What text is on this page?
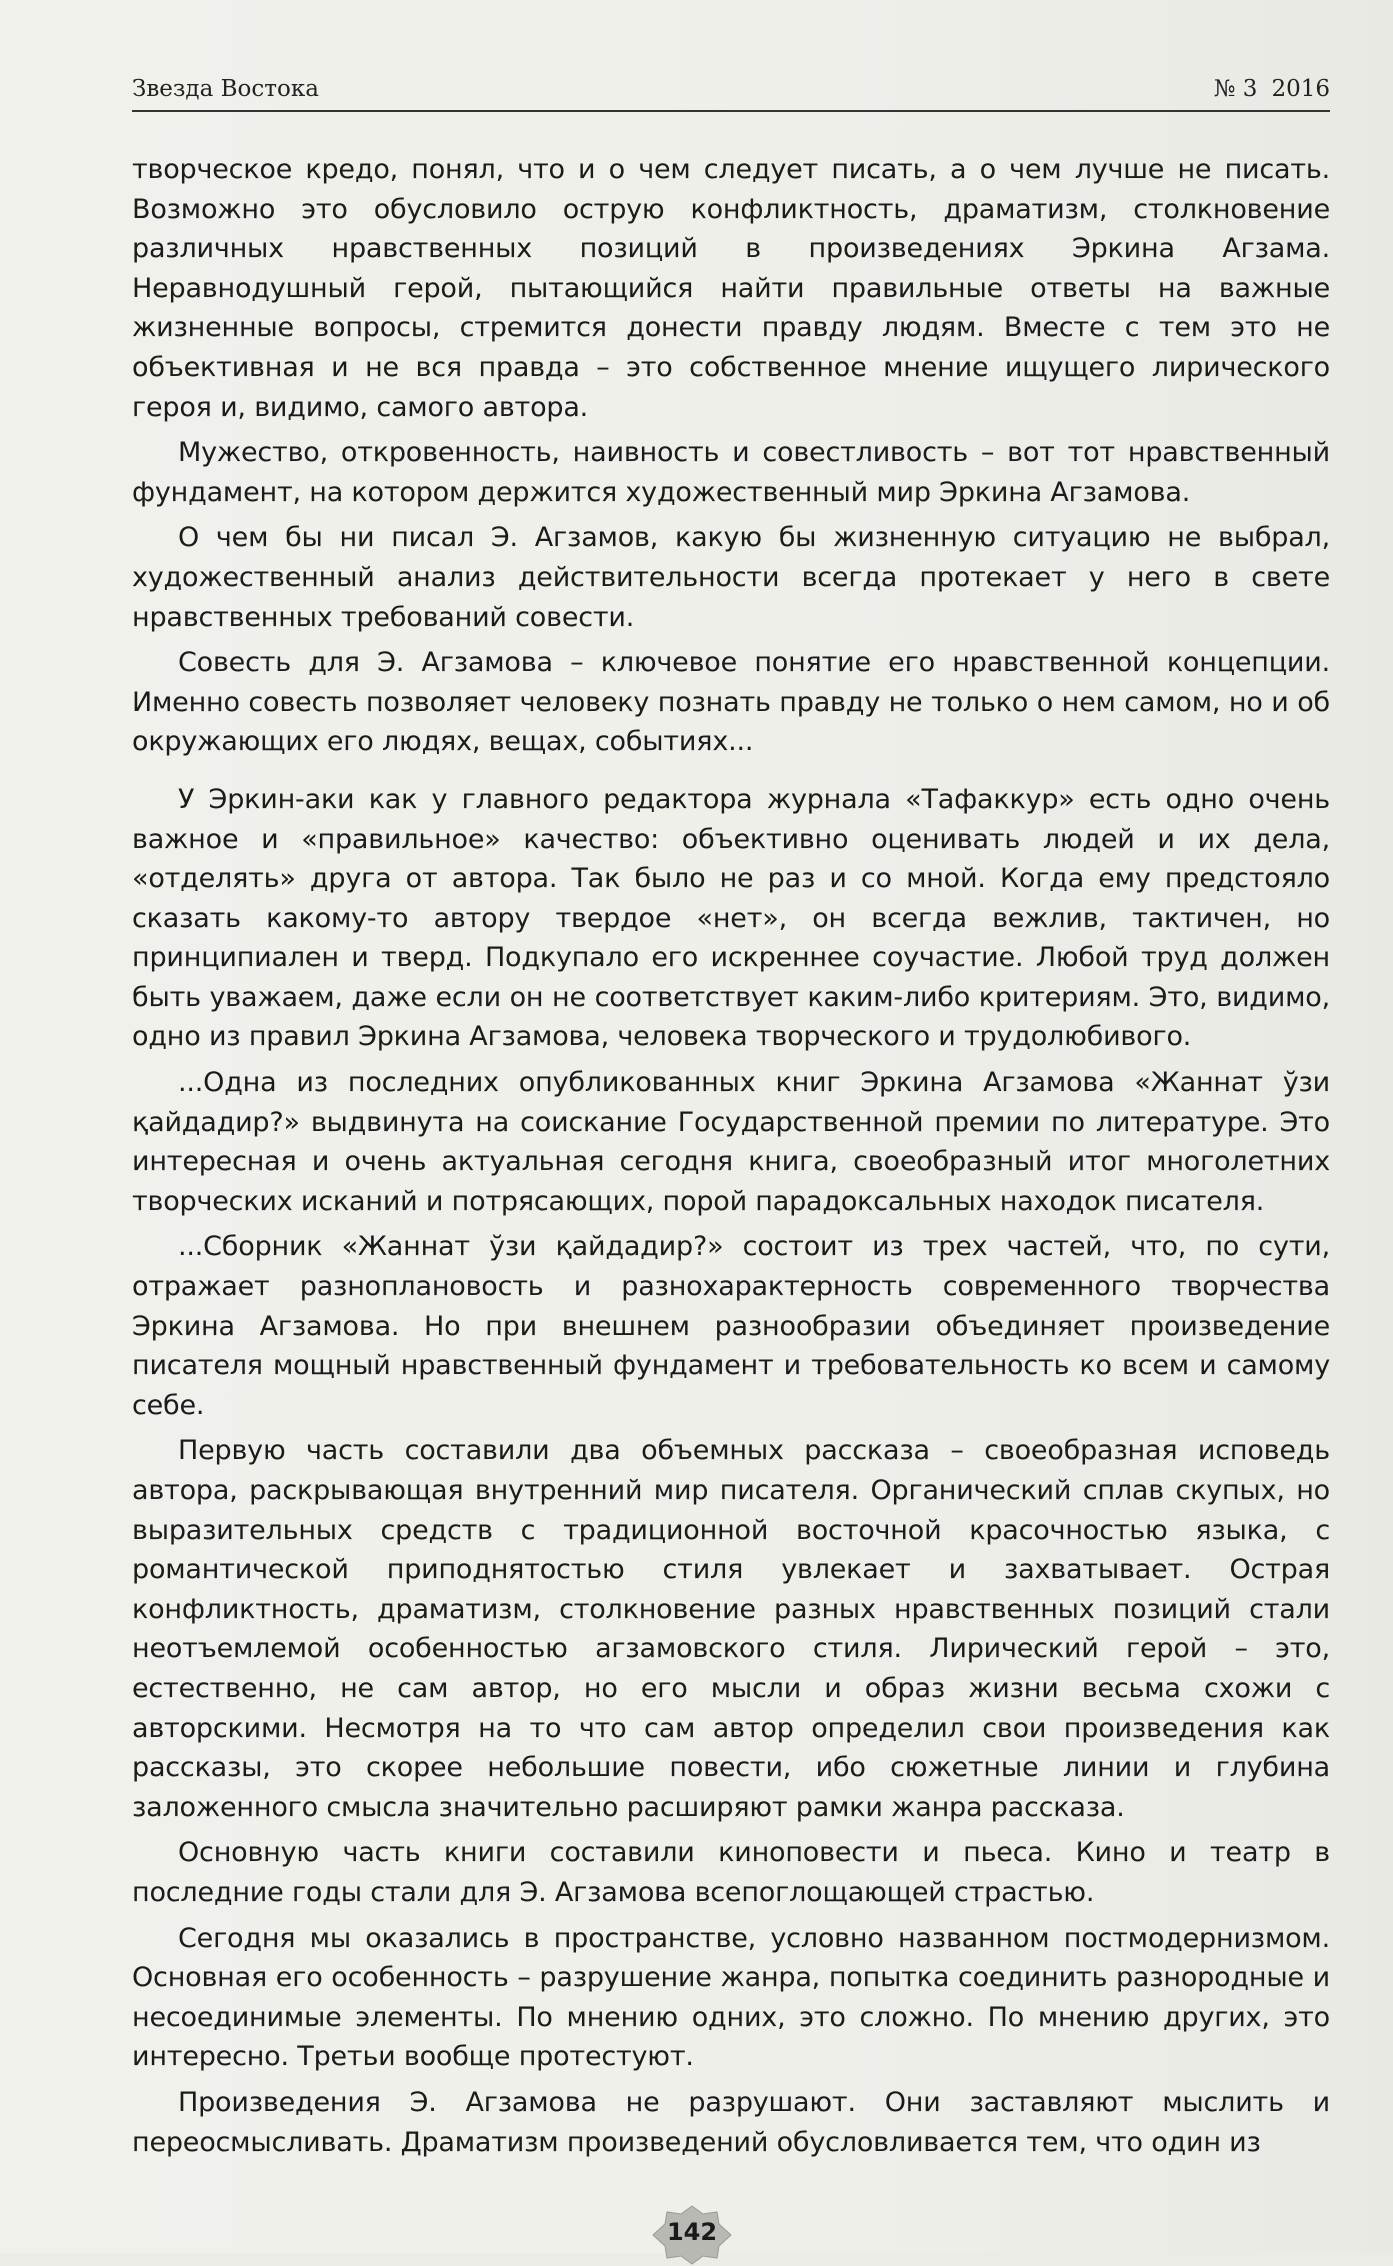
Звезда Востока	№ 3 2016

творческое кредо, понял, что и о чем следует писать, а о чем лучше не писать. Возможно это обусловило острую конфликтность, драматизм, столкновение различных нравственных позиций в произведениях Эркина Агзама. Неравнодушный герой, пытающийся найти правильные ответы на важные жизненные вопросы, стремится донести правду людям. Вместе с тем это не объективная и не вся правда – это собственное мнение ищущего лирического героя и, видимо, самого автора.

Мужество, откровенность, наивность и совестливость – вот тот нравственный фундамент, на котором держится художественный мир Эркина Агзамова.

О чем бы ни писал Э. Агзамов, какую бы жизненную ситуацию не выбрал, художественный анализ действительности всегда протекает у него в свете нравственных требований совести.

Совесть для Э. Агзамова – ключевое понятие его нравственной концепции. Именно совесть позволяет человеку познать правду не только о нем самом, но и об окружающих его людях, вещах, событиях...

У Эркин-аки как у главного редактора журнала «Тафаккур» есть одно очень важное и «правильное» качество: объективно оценивать людей и их дела, «отделять» друга от автора. Так было не раз и со мной. Когда ему предстояло сказать какому-то автору твердое «нет», он всегда вежлив, тактичен, но принципиален и тверд. Подкупало его искреннее соучастие. Любой труд должен быть уважаем, даже если он не соответствует каким-либо критериям. Это, видимо, одно из правил Эркина Агзамова, человека творческого и трудолюбивого.

...Одна из последних опубликованных книг Эркина Агзамова «Жаннат ўзи қайдадир?» выдвинута на соискание Государственной премии по литературе. Это интересная и очень актуальная сегодня книга, своеобразный итог многолетних творческих исканий и потрясающих, порой парадоксальных находок писателя.

...Сборник «Жаннат ўзи қайдадир?» состоит из трех частей, что, по сути, отражает разноплановость и разнохарактерность современного творчества Эркина Агзамова. Но при внешнем разнообразии объединяет произведение писателя мощный нравственный фундамент и требовательность ко всем и самому себе.

Первую часть составили два объемных рассказа – своеобразная исповедь автора, раскрывающая внутренний мир писателя. Органический сплав скупых, но выразительных средств с традиционной восточной красочностью языка, с романтической приподнятостью стиля увлекает и захватывает. Острая конфликтность, драматизм, столкновение разных нравственных позиций стали неотъемлемой особенностью агзамовского стиля. Лирический герой – это, естественно, не сам автор, но его мысли и образ жизни весьма схожи с авторскими. Несмотря на то что сам автор определил свои произведения как рассказы, это скорее небольшие повести, ибо сюжетные линии и глубина заложенного смысла значительно расширяют рамки жанра рассказа.

Основную часть книги составили киноповести и пьеса. Кино и театр в последние годы стали для Э. Агзамова всепоглощающей страстью.

Сегодня мы оказались в пространстве, условно названном постмодернизмом. Основная его особенность – разрушение жанра, попытка соединить разнородные и несоединимые элементы. По мнению одних, это сложно. По мнению других, это интересно. Третьи вообще протестуют.

Произведения Э. Агзамова не разрушают. Они заставляют мыслить и переосмысливать. Драматизм произведений обусловливается тем, что один из

142
